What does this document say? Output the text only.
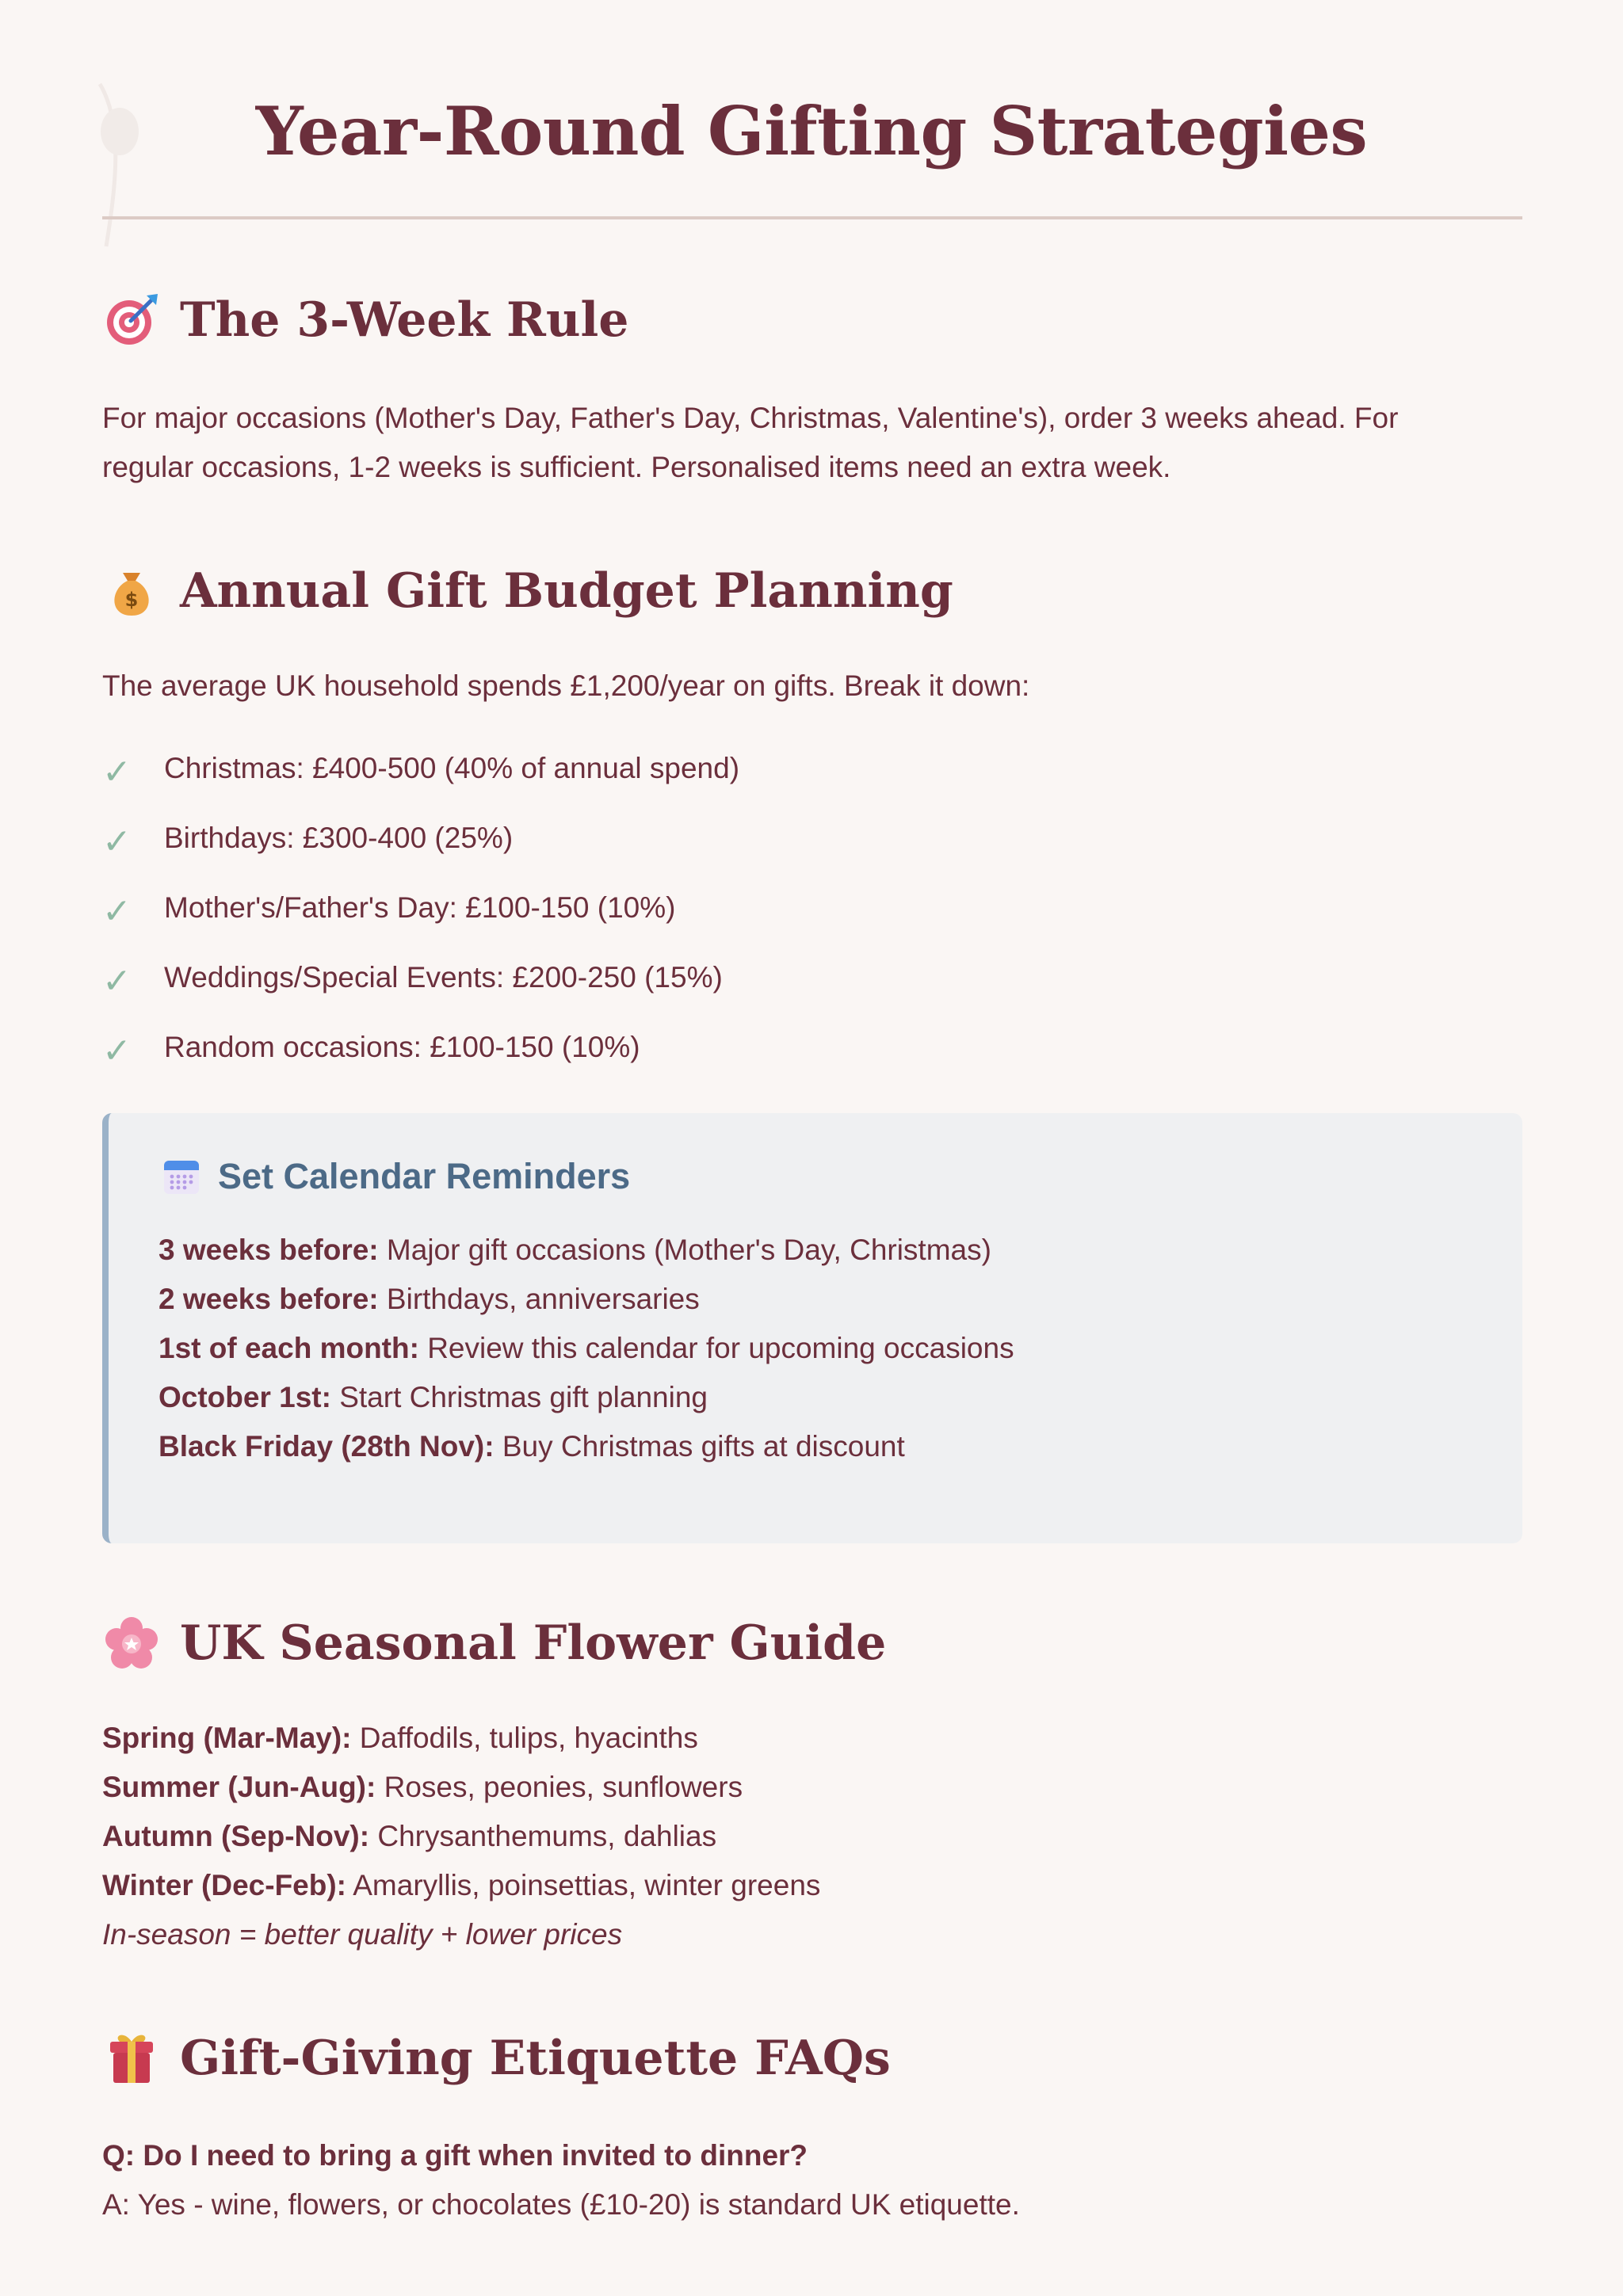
Year-Round Gifting Strategies
The 3-Week Rule

For major occasions (Mother's Day, Father's Day, Christmas, Valentine's), order 3 weeks ahead. For

regular occasions, 1-2 weeks is sufficient. Personalised items need an extra week.

$ Annual Gift Budget Planning

The average UK household spends £1,200/year on gifts. Break it down:

✓	Christmas: £400-500 (40% of annual spend)
✓	Birthdays: £300-400 (25%)
✓	Mother's/Father's Day: £100-150 (10%)
✓	Weddings/Special Events: £200-250 (15%)
✓	Random occasions: £100-150 (10%)
Set Calendar Reminders
3 weeks before: Major gift occasions (Mother's Day, Christmas)
2 weeks before: Birthdays, anniversaries
1st of each month: Review this calendar for upcoming occasions
October 1st: Start Christmas gift planning
Black Friday (28th Nov): Buy Christmas gifts at discount
UK Seasonal Flower Guide
Spring (Mar-May): Daffodils, tulips, hyacinths
Summer (Jun-Aug): Roses, peonies, sunflowers
Autumn (Sep-Nov): Chrysanthemums, dahlias
Winter (Dec-Feb): Amaryllis, poinsettias, winter greens
In-season = better quality + lower prices
Gift-Giving Etiquette FAQs
Q: Do I need to bring a gift when invited to dinner?
A: Yes - wine, flowers, or chocolates (£10-20) is standard UK etiquette.
